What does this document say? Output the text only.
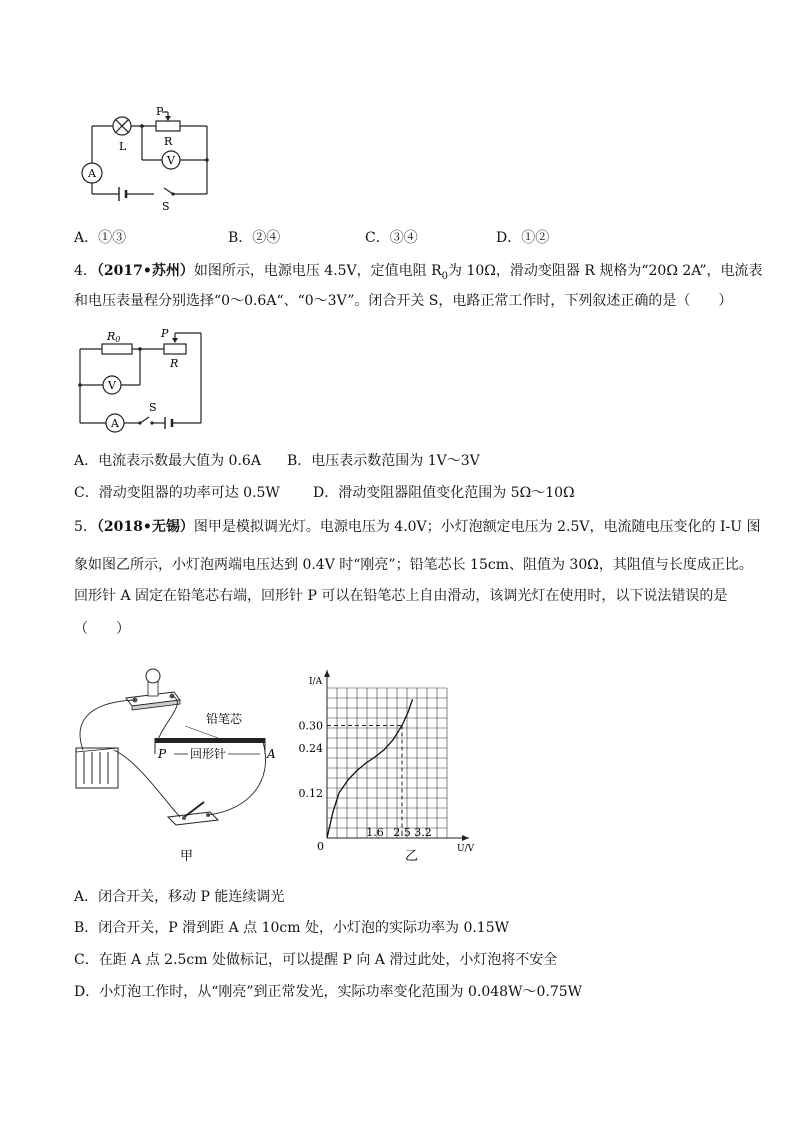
P
R
L
A
V
S
A．①③	B．②④	C．③④	D．①②
4．（2017•苏州）如图所示，电源电压 4.5V，定值电阻 $R_0$为 10Ω，滑动变阻器 R 规格为“20Ω 2A”，电流表
和电压表量程分别选择“0～0.6A“、“0～3V”。闭合开关 S，电路正常工作时，下列叙述正确的是（　　）
R0	P
R
V
A
S
A．电流表示数最大值为 0.6A B．电压表示数范围为 1V～3V
C．滑动变阻器的功率可达 0.5W D．滑动变阻器阻值变化范围为 5Ω～10Ω
5．（2018•无锡）图甲是模拟调光灯。电源电压为 4.0V；小灯泡额定电压为 2.5V，电流随电压变化的 I-U 图
象如图乙所示，小灯泡两端电压达到 0.4V 时“刚亮”；铅笔芯长 15cm、阻值为 30Ω，其阻值与长度成正比。
回形针 A 固定在铅笔芯右端，回形针 P 可以在铅笔芯上自由滑动，该调光灯在使用时，以下说法错误的是
（　　）
铅笔芯
P 回形针	A
甲
0.12
0.24
0.30
1.6 2.5 3.2
0
I/A
U/V
乙
A．闭合开关，移动 P 能连续调光
B．闭合开关，P 滑到距 A 点 10cm 处，小灯泡的实际功率为 0.15W
C．在距 A 点 2.5cm 处做标记，可以提醒 P 向 A 滑过此处，小灯泡将不安全
D．小灯泡工作时，从“刚亮”到正常发光，实际功率变化范围为 0.048W～0.75W
